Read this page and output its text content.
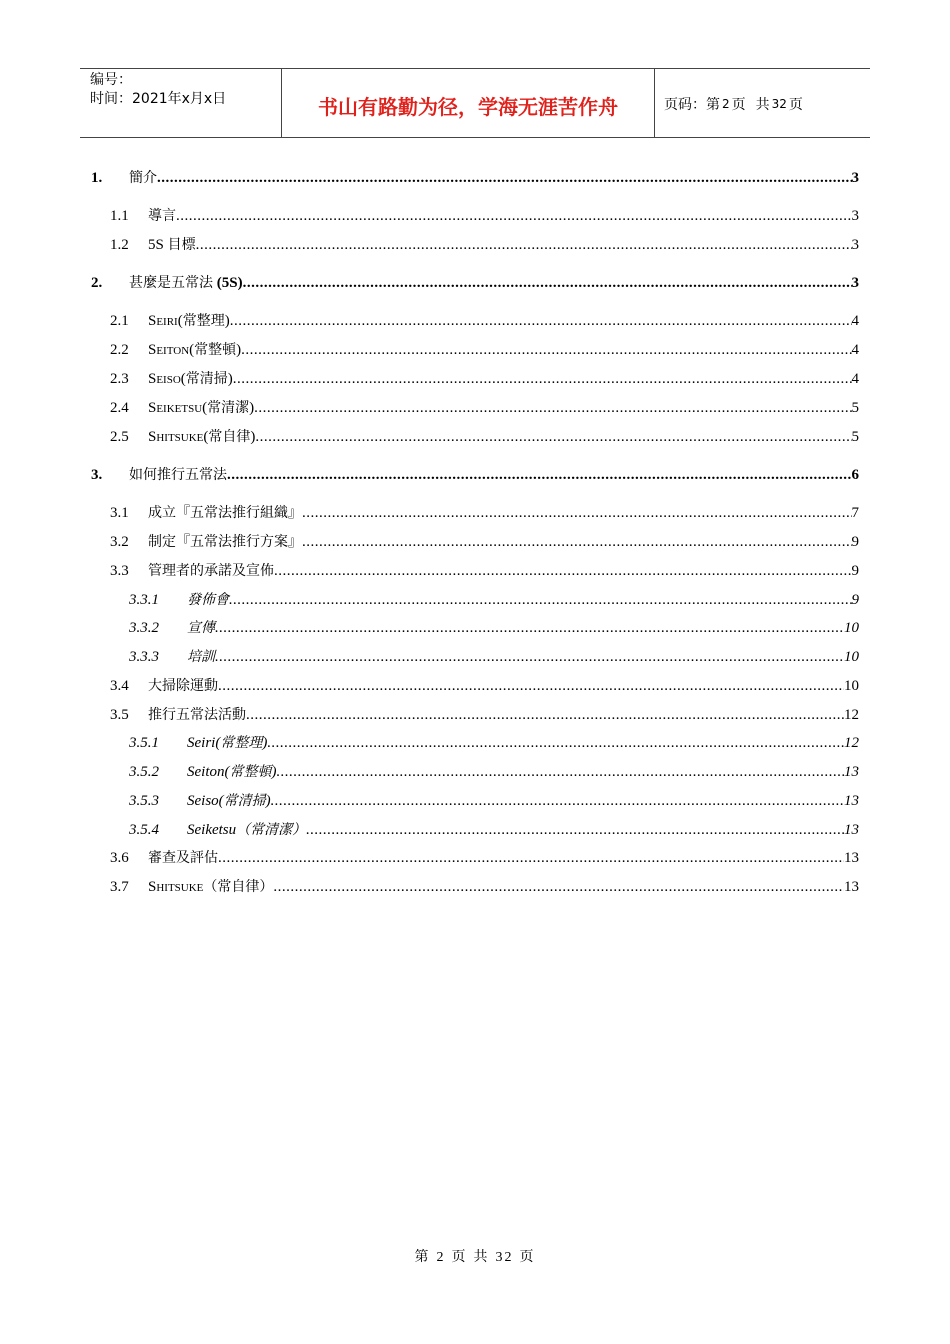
编号：
时间：2021年x月x日	书山有路勤为径，学海无涯苦作舟	页码：第 2 页 共 32 页
1. 簡介 .....	3
1.1 導言 .....	3
1.2 5S 目標 .....	3
2. 甚麼是五常法 (5S) .....	3
2.1 Seiri(常整理) .....	4
2.2 Seiton(常整頓) .....	4
2.3 Seiso(常清掃) .....	4
2.4 Seiketsu(常清潔) .....	5
2.5 Shitsuke(常自律) .....	5
3. 如何推行五常法 .....	6
3.1 成立『五常法推行組織』 .....	7
3.2 制定『五常法推行方案』 .....	9
3.3 管理者的承諾及宣佈 .....	9
3.3.1 發佈會 .....	9
3.3.2 宣傳 .....	10
3.3.3 培訓 .....	10
3.4 大掃除運動 .....	10
3.5 推行五常法活動 .....	12
3.5.1 Seiri(常整理) .....	12
3.5.2 Seiton(常整頓) .....	13
3.5.3 Seiso(常清掃) .....	13
3.5.4 Seiketsu（常清潔） .....	13
3.6 審查及評估 .....	13
3.7 Shitsuke（常自律） .....	13
第 2 页 共 32 页
